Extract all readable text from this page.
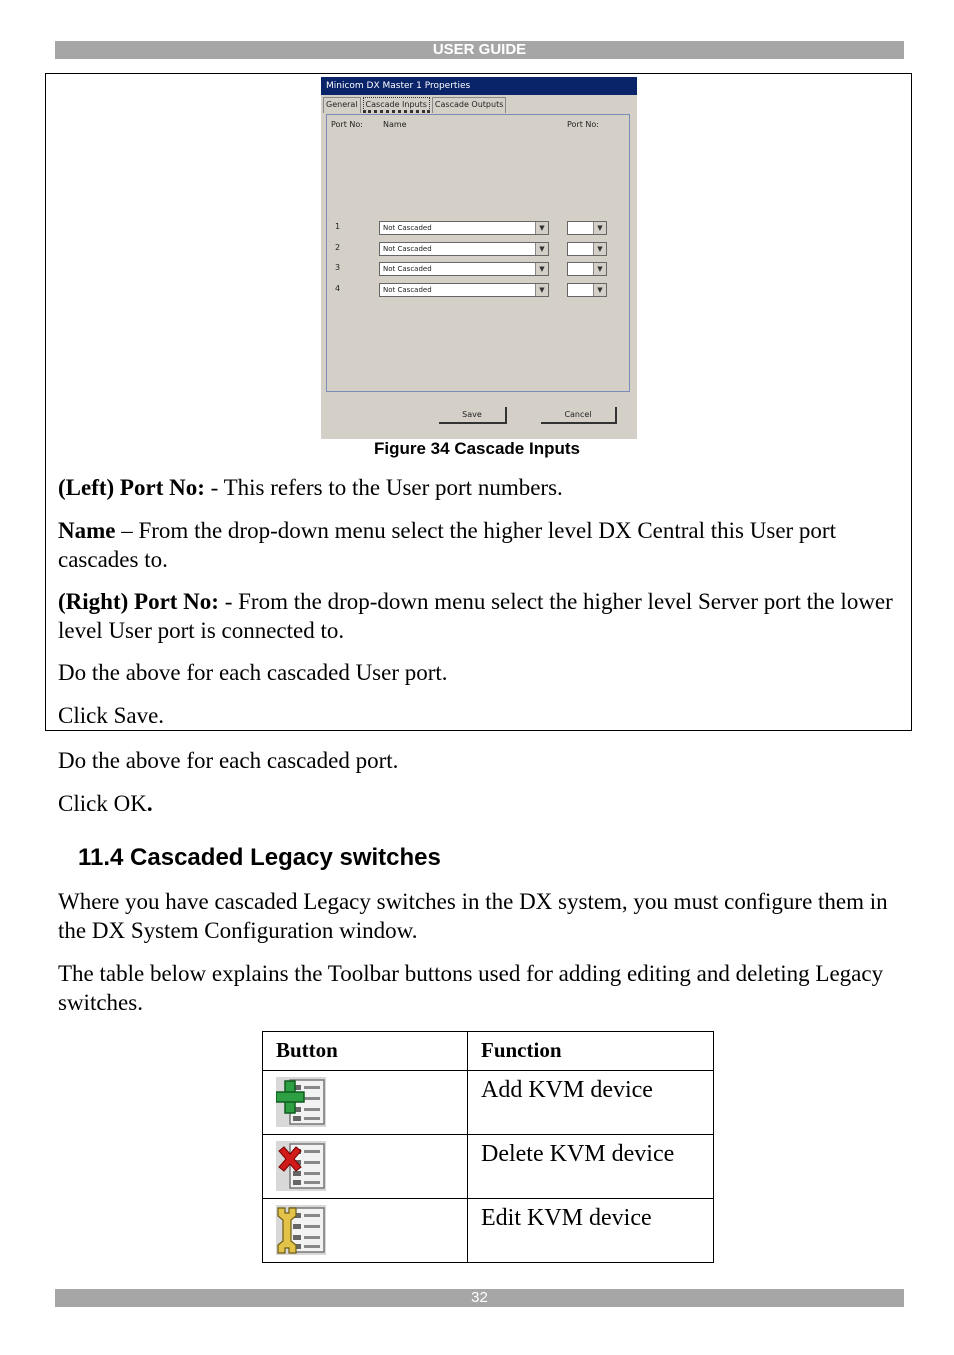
USER GUIDE
Minicom DX Master 1 Properties
General	Cascade Inputs	Cascade Outputs
Port No:	Name	Port No:
1	Not Cascaded	▼	▼
2	Not Cascaded	▼	▼
3	Not Cascaded	▼	▼
4	Not Cascaded	▼	▼
Save	Cancel
Figure 34 Cascade Inputs
(Left) Port No: - This refers to the User port numbers.
Name – From the drop-down menu select the higher level DX Central this User port cascades to.
(Right) Port No: - From the drop-down menu select the higher level Server port the lower level User port is connected to.
Do the above for each cascaded User port.
Click Save.
Do the above for each cascaded port.
Click OK.
11.4 Cascaded Legacy switches
Where you have cascaded Legacy switches in the DX system, you must configure them in the DX System Configuration window.
The table below explains the Toolbar buttons used for adding editing and deleting Legacy switches.
Button	Function
	Add KVM device
	Delete KVM device
	Edit KVM device
32
